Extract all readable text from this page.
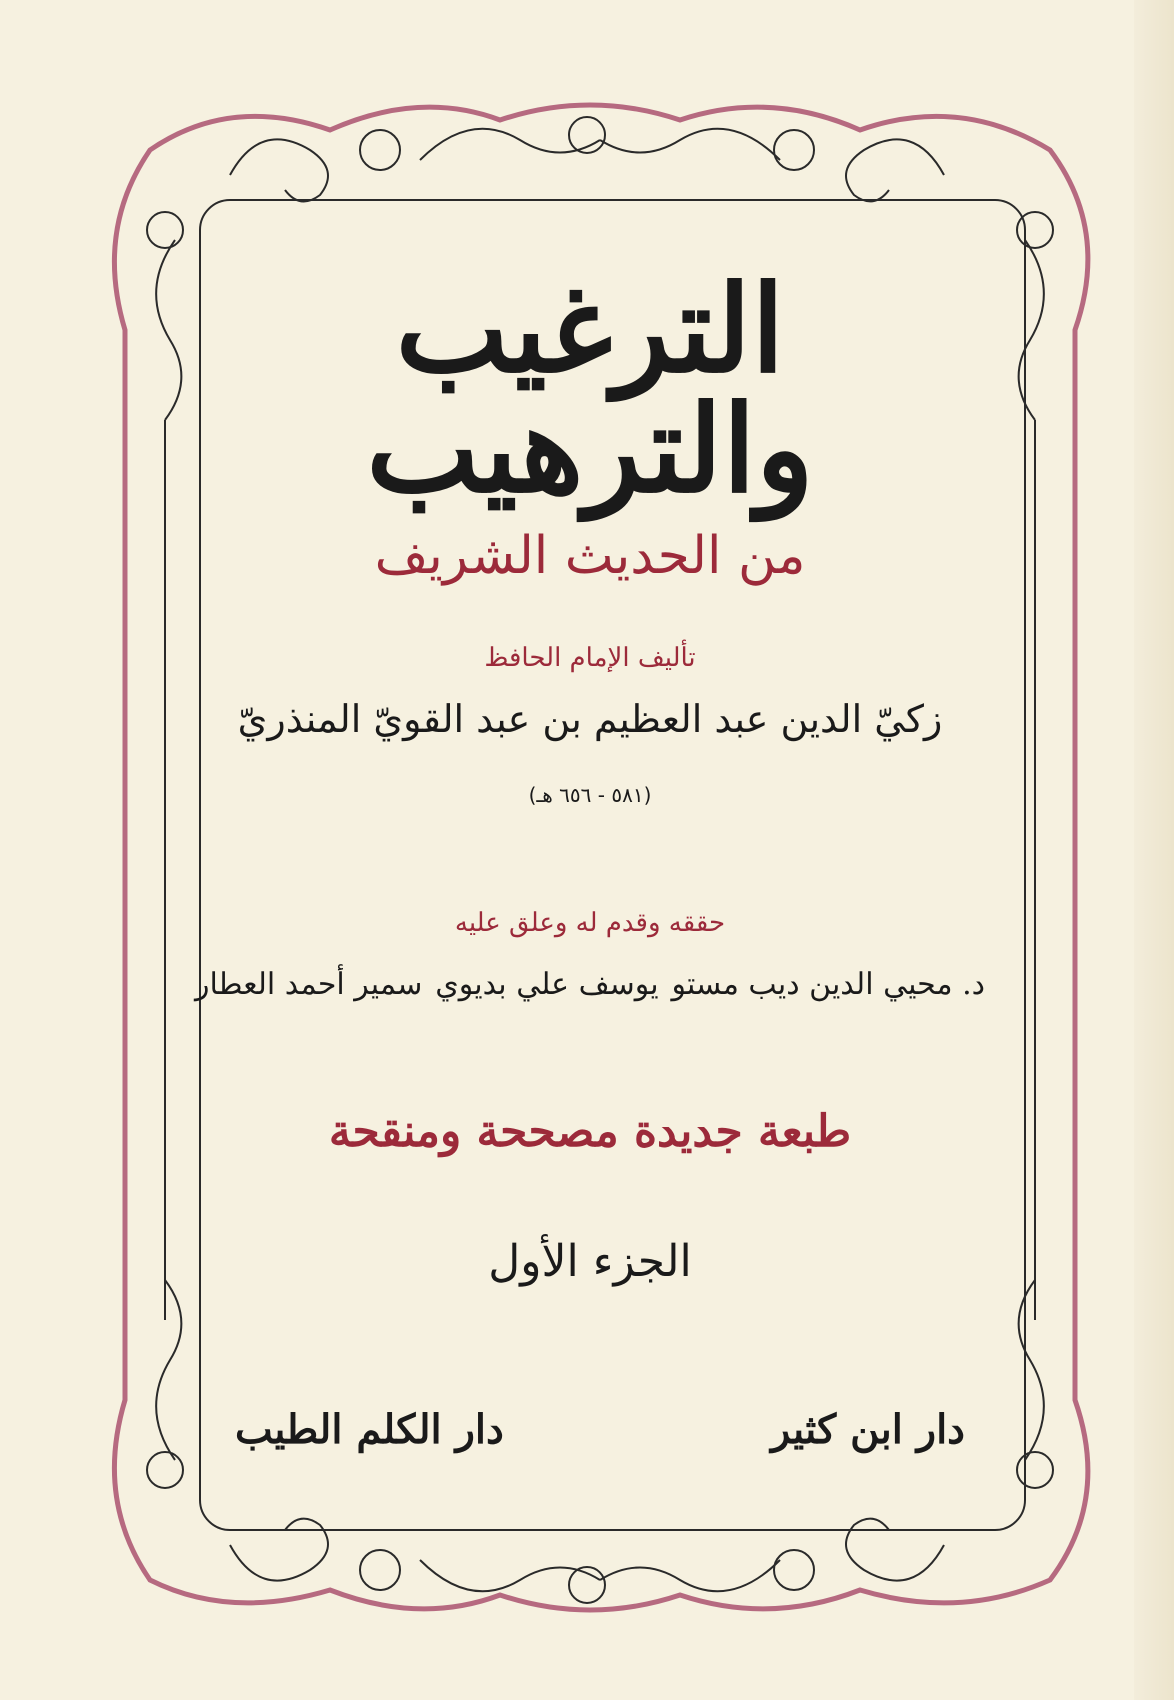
الترغيب والترهيب
من الحديث الشريف
تأليف الإمام الحافظ
زكيّ الدين عبد العظيم بن عبد القويّ المنذريّ
(٥٨١ - ٦٥٦ هـ)
حققه وقدم له وعلق عليه
د. محيي الدين ديب مستو
يوسف علي بديوي
سمير أحمد العطار
طبعة جديدة مصححة ومنقحة
الجزء الأول
دار ابن كثير
دار الكلم الطيب
